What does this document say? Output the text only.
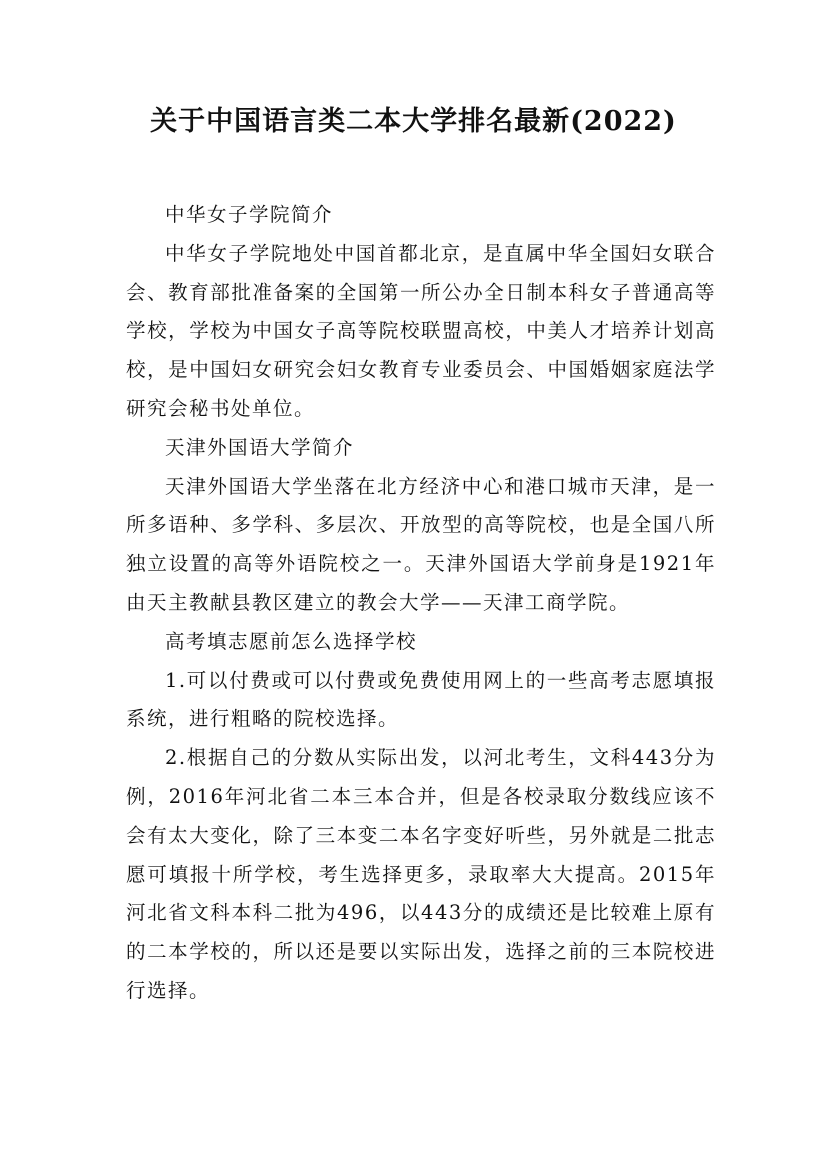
关于中国语言类二本大学排名最新(2022)

中华女子学院简介

中华女子学院地处中国首都北京，是直属中华全国妇女联合会、教育部批准备案的全国第一所公办全日制本科女子普通高等学校，学校为中国女子高等院校联盟高校，中美人才培养计划高校，是中国妇女研究会妇女教育专业委员会、中国婚姻家庭法学研究会秘书处单位。

天津外国语大学简介

天津外国语大学坐落在北方经济中心和港口城市天津，是一所多语种、多学科、多层次、开放型的高等院校，也是全国八所独立设置的高等外语院校之一。天津外国语大学前身是1921年由天主教献县教区建立的教会大学——天津工商学院。

高考填志愿前怎么选择学校

1.可以付费或可以付费或免费使用网上的一些高考志愿填报系统，进行粗略的院校选择。

2.根据自己的分数从实际出发，以河北考生，文科443分为例，2016年河北省二本三本合并，但是各校录取分数线应该不会有太大变化，除了三本变二本名字变好听些，另外就是二批志愿可填报十所学校，考生选择更多，录取率大大提高。2015年河北省文科本科二批为496，以443分的成绩还是比较难上原有的二本学校的，所以还是要以实际出发，选择之前的三本院校进行选择。
